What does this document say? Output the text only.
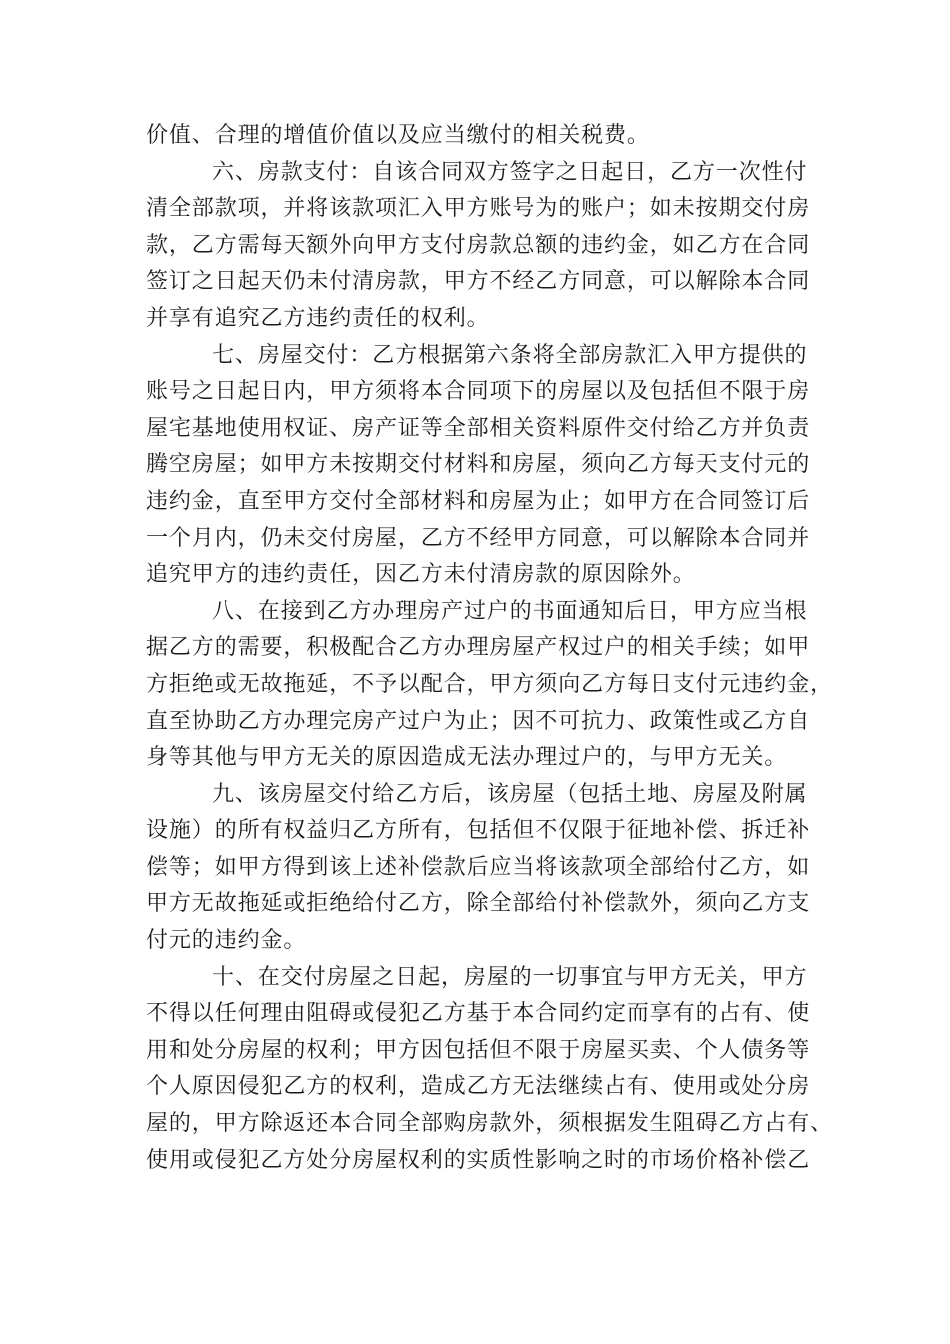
价值、合理的增值价值以及应当缴付的相关税费。
六、房款支付：自该合同双方签字之日起日，乙方一次性付
清全部款项，并将该款项汇入甲方账号为的账户；如未按期交付房
款，乙方需每天额外向甲方支付房款总额的违约金，如乙方在合同
签订之日起天仍未付清房款，甲方不经乙方同意，可以解除本合同
并享有追究乙方违约责任的权利。
七、房屋交付：乙方根据第六条将全部房款汇入甲方提供的
账号之日起日内，甲方须将本合同项下的房屋以及包括但不限于房
屋宅基地使用权证、房产证等全部相关资料原件交付给乙方并负责
腾空房屋；如甲方未按期交付材料和房屋，须向乙方每天支付元的
违约金，直至甲方交付全部材料和房屋为止；如甲方在合同签订后
一个月内，仍未交付房屋，乙方不经甲方同意，可以解除本合同并
追究甲方的违约责任，因乙方未付清房款的原因除外。
八、在接到乙方办理房产过户的书面通知后日，甲方应当根
据乙方的需要，积极配合乙方办理房屋产权过户的相关手续；如甲
方拒绝或无故拖延，不予以配合，甲方须向乙方每日支付元违约金，
直至协助乙方办理完房产过户为止；因不可抗力、政策性或乙方自
身等其他与甲方无关的原因造成无法办理过户的，与甲方无关。
九、该房屋交付给乙方后，该房屋（包括土地、房屋及附属
设施）的所有权益归乙方所有，包括但不仅限于征地补偿、拆迁补
偿等；如甲方得到该上述补偿款后应当将该款项全部给付乙方，如
甲方无故拖延或拒绝给付乙方，除全部给付补偿款外，须向乙方支
付元的违约金。
十、在交付房屋之日起，房屋的一切事宜与甲方无关，甲方
不得以任何理由阻碍或侵犯乙方基于本合同约定而享有的占有、使
用和处分房屋的权利；甲方因包括但不限于房屋买卖、个人债务等
个人原因侵犯乙方的权利，造成乙方无法继续占有、使用或处分房
屋的，甲方除返还本合同全部购房款外，须根据发生阻碍乙方占有、
使用或侵犯乙方处分房屋权利的实质性影响之时的市场价格补偿乙
